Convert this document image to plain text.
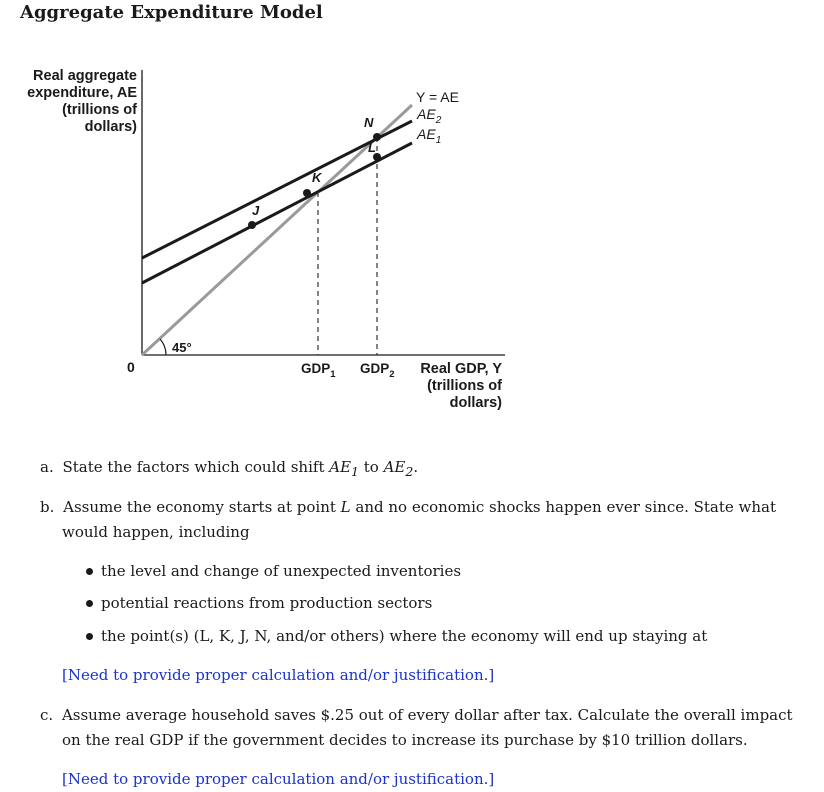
Aggregate Expenditure Model
Real aggregate
expenditure, AE
(trillions of
dollars)
Real GDP, Y
(trillions of
dollars)
0
45°
Y = AE
$AE_2$
$AE_1$
N
L
K
J
$GDP_1$ $GDP_2$
a. State the factors which could shift $AE_1$ to $AE_2$.
b. Assume the economy starts at point L and no economic shocks happen ever since. State what
would happen, including
the level and change of unexpected inventories
potential reactions from production sectors
the point(s) (L, K, J, N, and/or others) where the economy will end up staying at
[Need to provide proper calculation and/or justification.]
c. Assume average household saves $.25 out of every dollar after tax. Calculate the overall impact
on the real GDP if the government decides to increase its purchase by $10 trillion dollars.
[Need to provide proper calculation and/or justification.]
